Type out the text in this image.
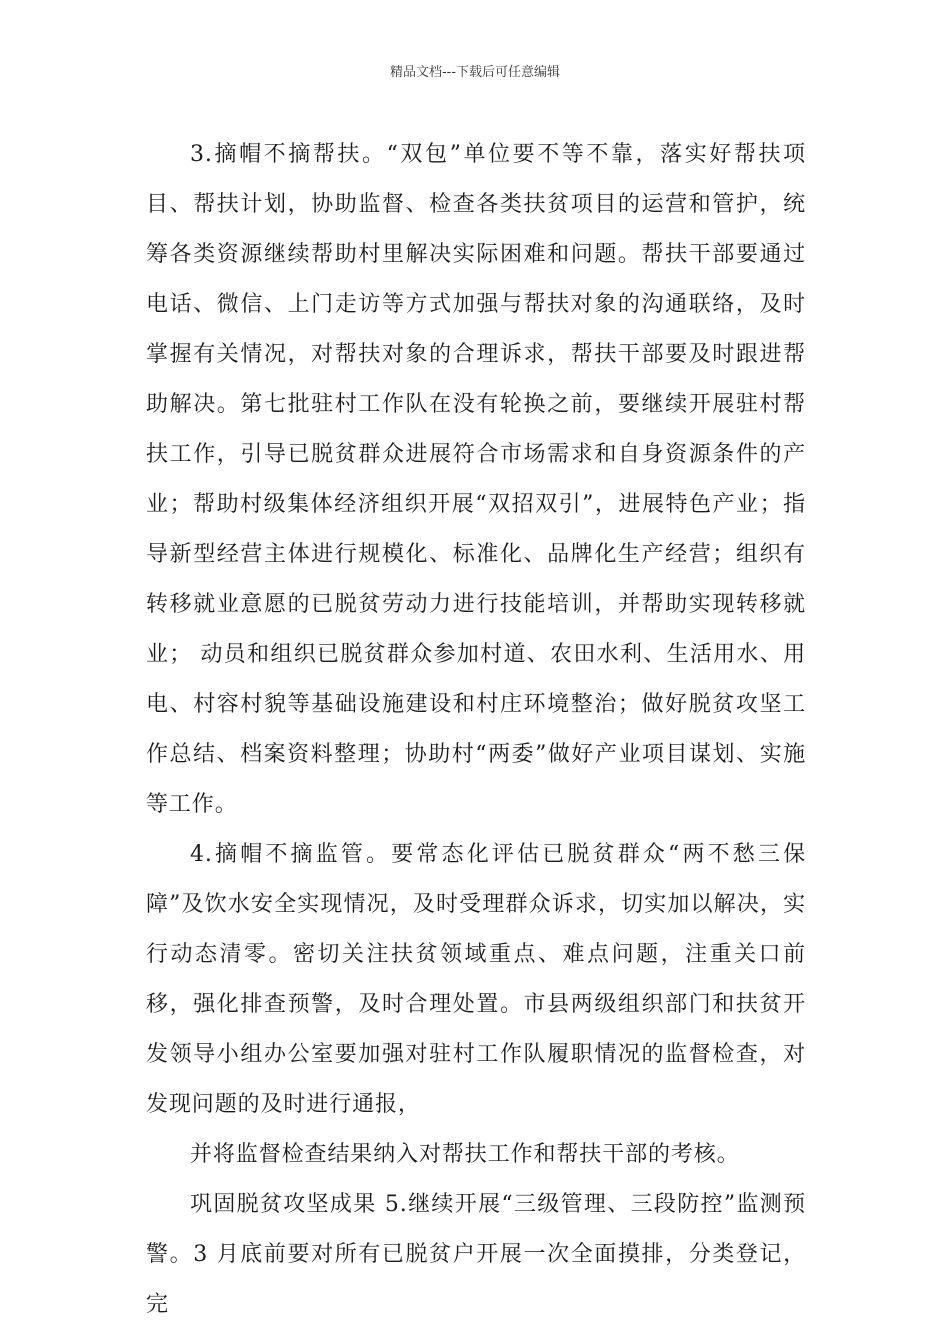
精品文档---下载后可任意编辑

3.摘帽不摘帮扶。“双包”单位要不等不靠，落实好帮扶项目、帮扶计划，协助监督、检查各类扶贫项目的运营和管护，统筹各类资源继续帮助村里解决实际困难和问题。帮扶干部要通过电话、微信、上门走访等方式加强与帮扶对象的沟通联络，及时掌握有关情况，对帮扶对象的合理诉求，帮扶干部要及时跟进帮助解决。第七批驻村工作队在没有轮换之前，要继续开展驻村帮扶工作，引导已脱贫群众进展符合市场需求和自身资源条件的产业；帮助村级集体经济组织开展“双招双引”，进展特色产业；指导新型经营主体进行规模化、标准化、品牌化生产经营；组织有转移就业意愿的已脱贫劳动力进行技能培训，并帮助实现转移就业； 动员和组织已脱贫群众参加村道、农田水利、生活用水、用电、村容村貌等基础设施建设和村庄环境整治；做好脱贫攻坚工作总结、档案资料整理；协助村“两委”做好产业项目谋划、实施等工作。

4.摘帽不摘监管。要常态化评估已脱贫群众“两不愁三保障”及饮水安全实现情况，及时受理群众诉求，切实加以解决，实行动态清零。密切关注扶贫领域重点、难点问题，注重关口前移，强化排查预警，及时合理处置。市县两级组织部门和扶贫开发领导小组办公室要加强对驻村工作队履职情况的监督检查，对发现问题的及时进行通报，

并将监督检查结果纳入对帮扶工作和帮扶干部的考核。

巩固脱贫攻坚成果 5.继续开展“三级管理、三段防控”监测预警。3 月底前要对所有已脱贫户开展一次全面摸排，分类登记，完
